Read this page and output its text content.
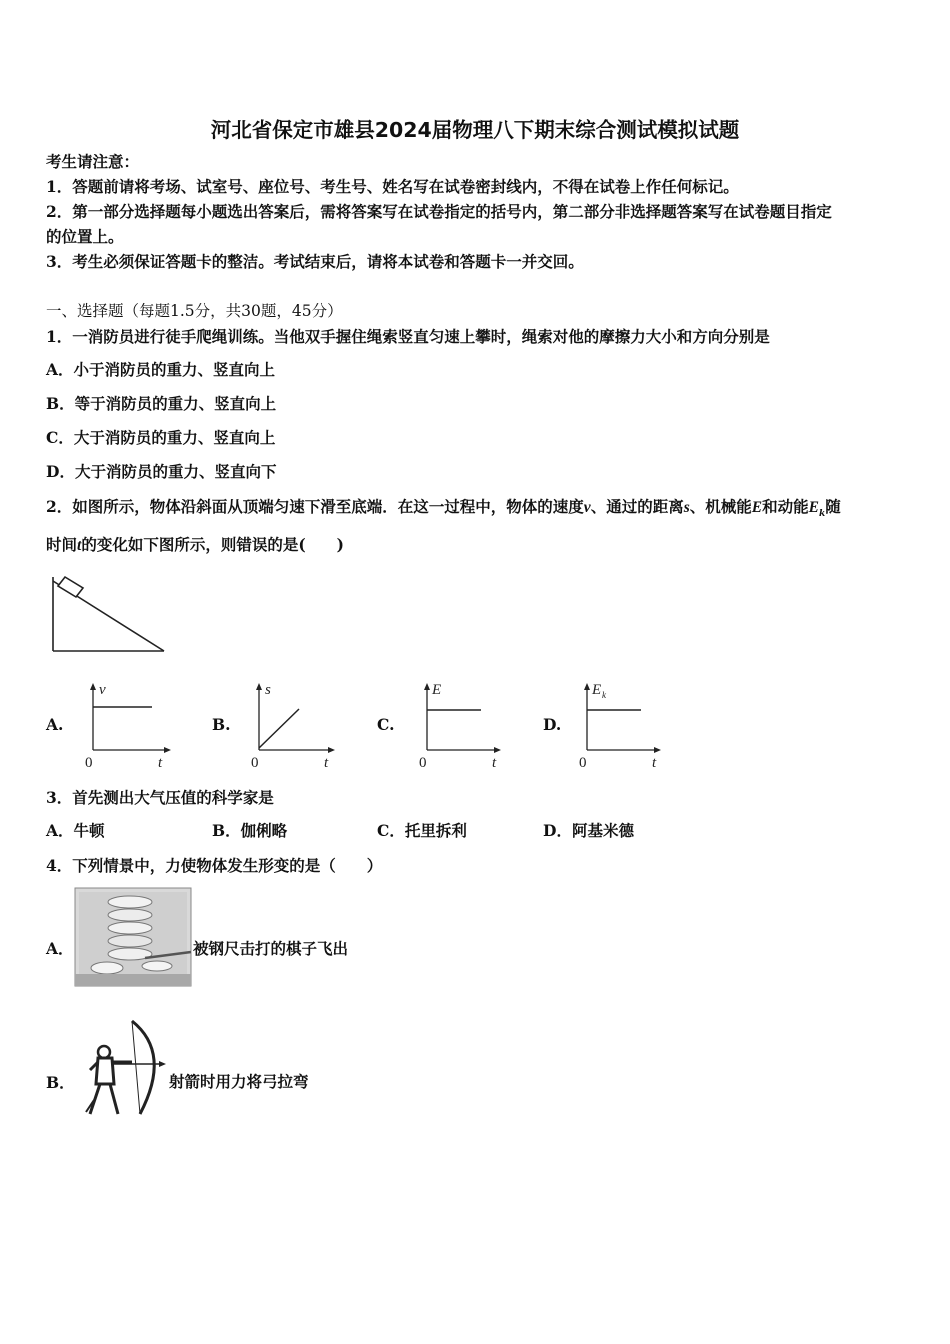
河北省保定市雄县2024届物理八下期末综合测试模拟试题
考生请注意：
1．答题前请将考场、试室号、座位号、考生号、姓名写在试卷密封线内，不得在试卷上作任何标记。
2．第一部分选择题每小题选出答案后，需将答案写在试卷指定的括号内，第二部分非选择题答案写在试卷题目指定
的位置上。
3．考生必须保证答题卡的整洁。考试结束后，请将本试卷和答题卡一并交回。
一、选择题（每题1.5分，共30题，45分）
1．一消防员进行徒手爬绳训练。当他双手握住绳索竖直匀速上攀时，绳索对他的摩擦力大小和方向分别是
A．小于消防员的重力、竖直向上
B．等于消防员的重力、竖直向上
C．大于消防员的重力、竖直向上
D．大于消防员的重力、竖直向下
2．如图所示，物体沿斜面从顶端匀速下滑至底端．在这一过程中，物体的速度v、通过的距离s、机械能E和动能$E_k$随
时间t的变化如下图所示，则错误的是(　　)
A.
v
t
0
B.
s
t
0
C.
E
t
0
D.
E k
t
0
3．首先测出大气压值的科学家是
A．牛顿	B．伽俐略	C．托里拆利	D．阿基米德
4．下列情景中，力使物体发生形变的是（　　）
A．	被钢尺击打的棋子飞出
B．	射箭时用力将弓拉弯
